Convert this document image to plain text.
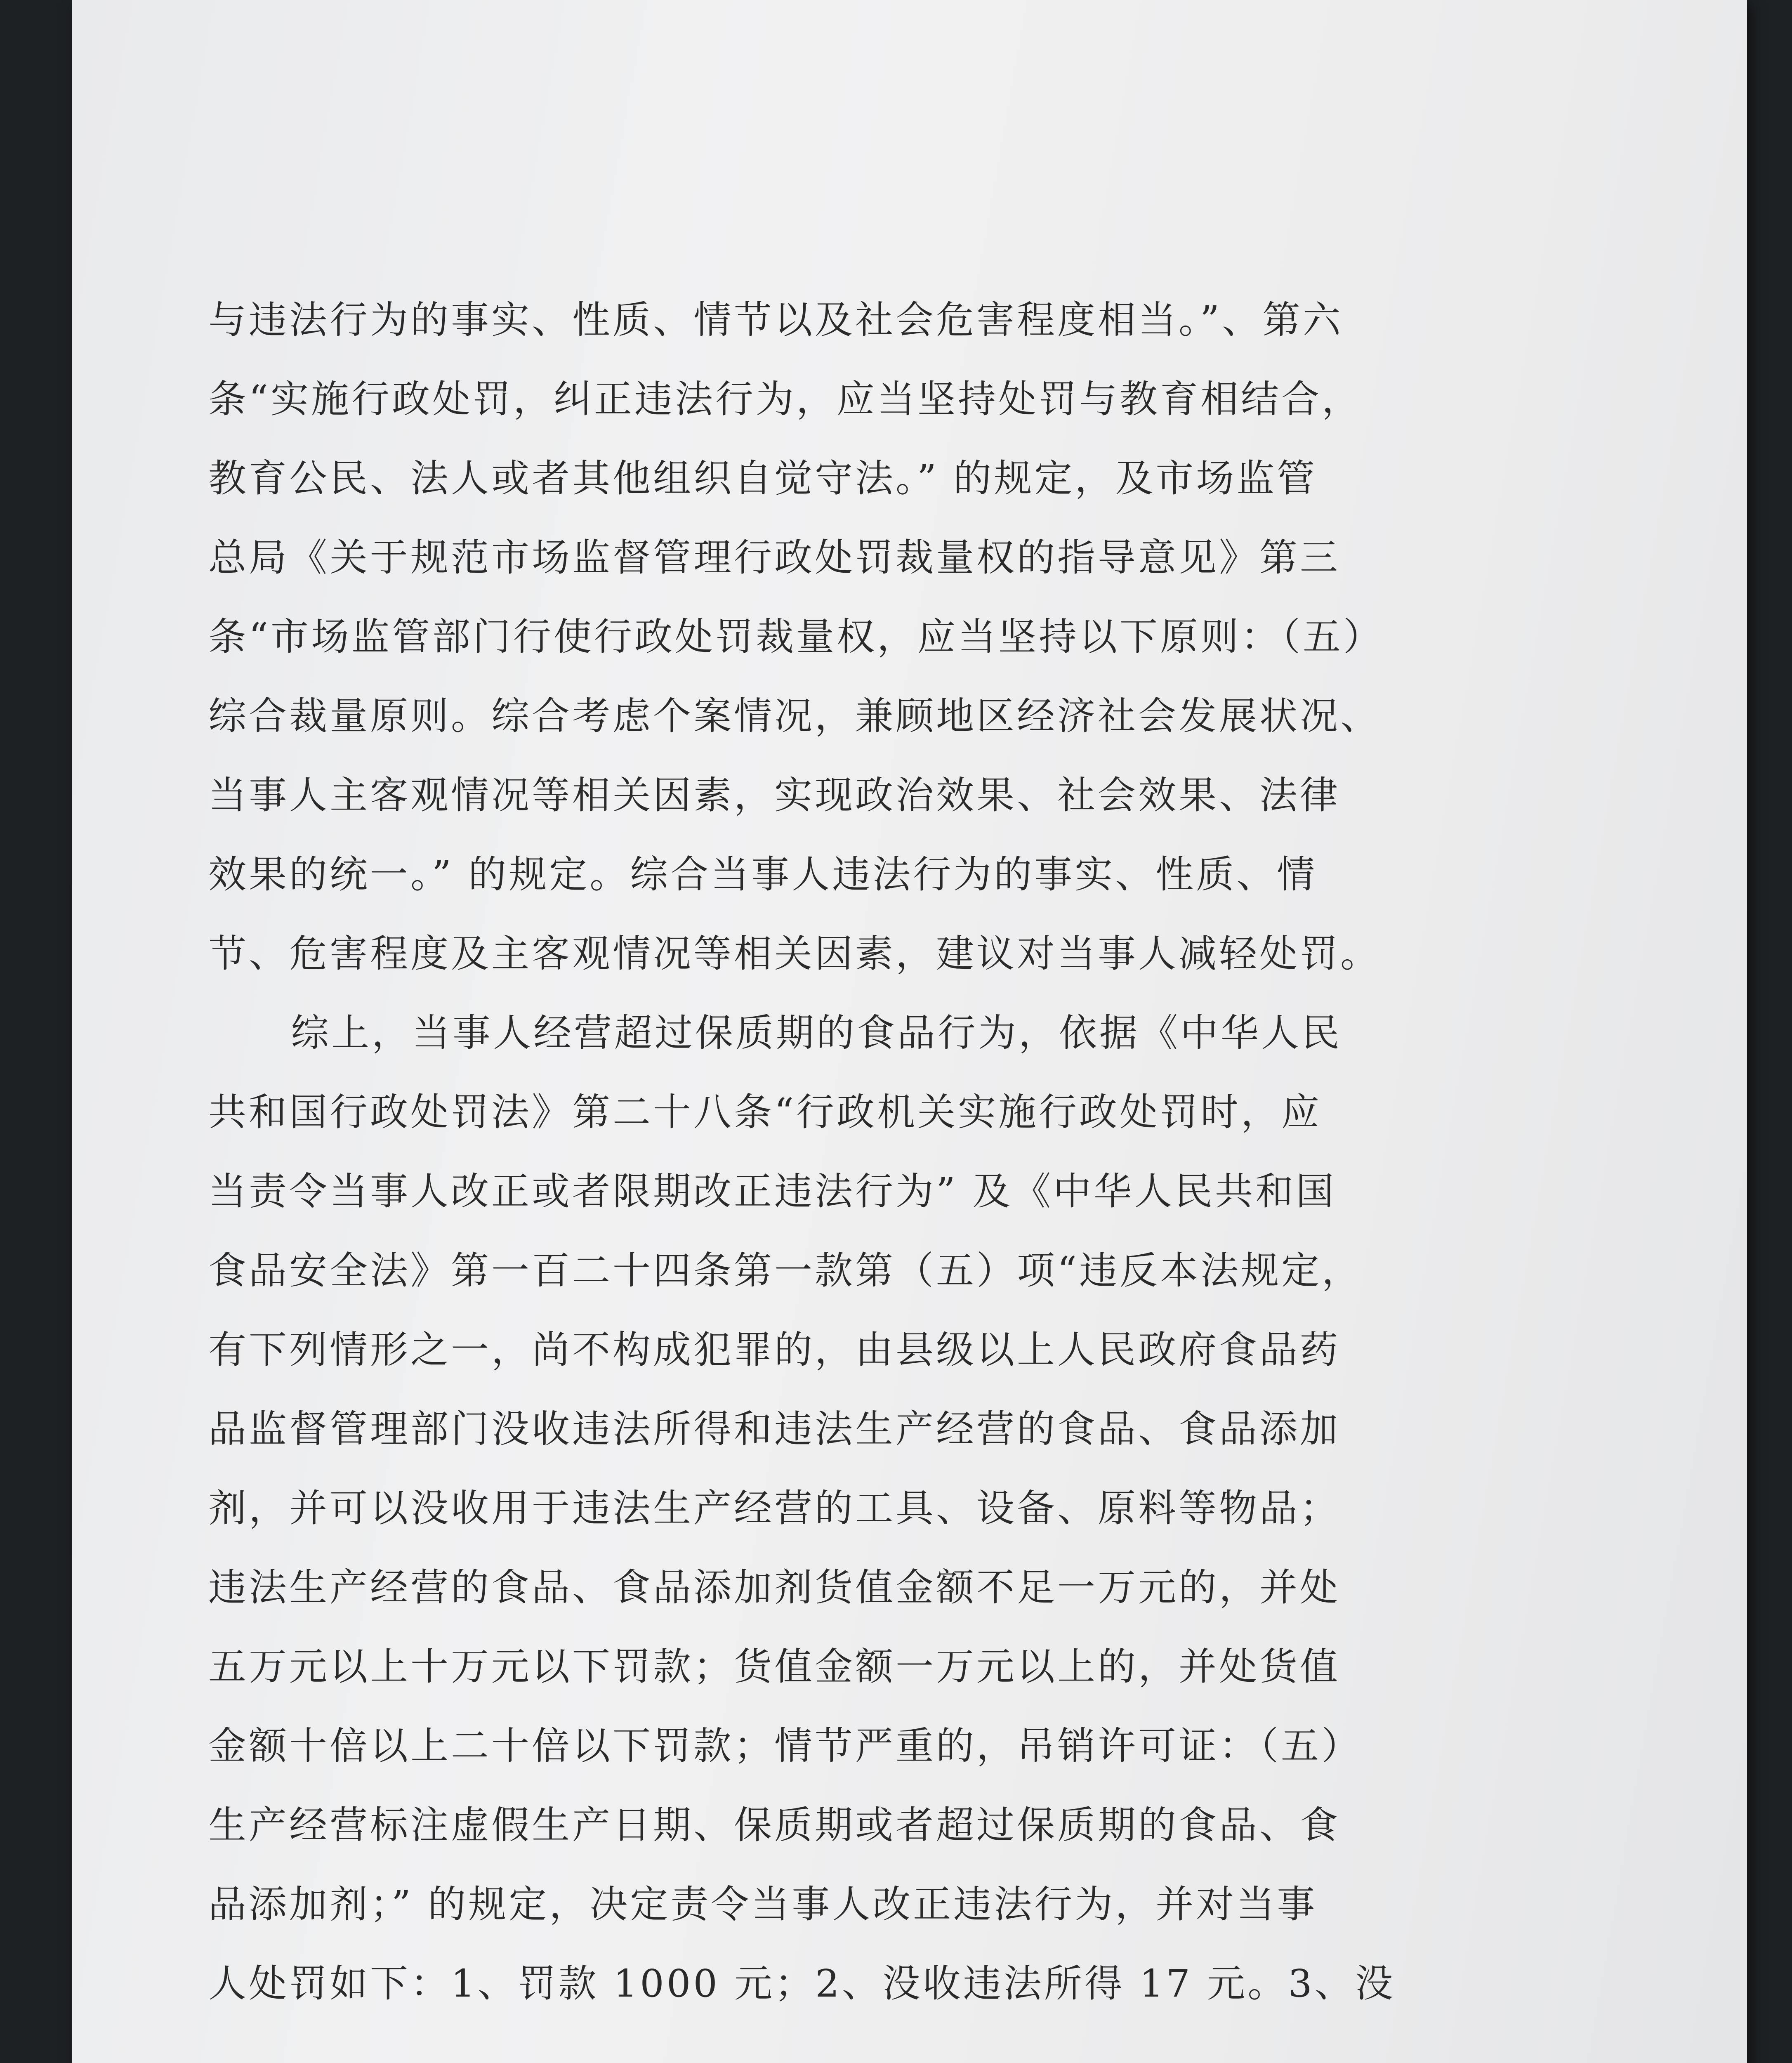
与违法行为的事实、性质、情节以及社会危害程度相当。”、第六
条“实施行政处罚，纠正违法行为，应当坚持处罚与教育相结合，
教育公民、法人或者其他组织自觉守法。” 的规定，及市场监管
总局《关于规范市场监督管理行政处罚裁量权的指导意见》第三
条“市场监管部门行使行政处罚裁量权，应当坚持以下原则：（五）
综合裁量原则。综合考虑个案情况，兼顾地区经济社会发展状况、
当事人主客观情况等相关因素，实现政治效果、社会效果、法律
效果的统一。” 的规定。综合当事人违法行为的事实、性质、情
节、危害程度及主客观情况等相关因素，建议对当事人减轻处罚。
综上，当事人经营超过保质期的食品行为，依据《中华人民
共和国行政处罚法》第二十八条“行政机关实施行政处罚时，应
当责令当事人改正或者限期改正违法行为” 及《中华人民共和国
食品安全法》第一百二十四条第一款第（五）项“违反本法规定，
有下列情形之一，尚不构成犯罪的，由县级以上人民政府食品药
品监督管理部门没收违法所得和违法生产经营的食品、食品添加
剂，并可以没收用于违法生产经营的工具、设备、原料等物品；
违法生产经营的食品、食品添加剂货值金额不足一万元的，并处
五万元以上十万元以下罚款；货值金额一万元以上的，并处货值
金额十倍以上二十倍以下罚款；情节严重的，吊销许可证：（五）
生产经营标注虚假生产日期、保质期或者超过保质期的食品、食
品添加剂；” 的规定，决定责令当事人改正违法行为，并对当事
人处罚如下：1、罚款 1000 元；2、没收违法所得 17 元。3、没
